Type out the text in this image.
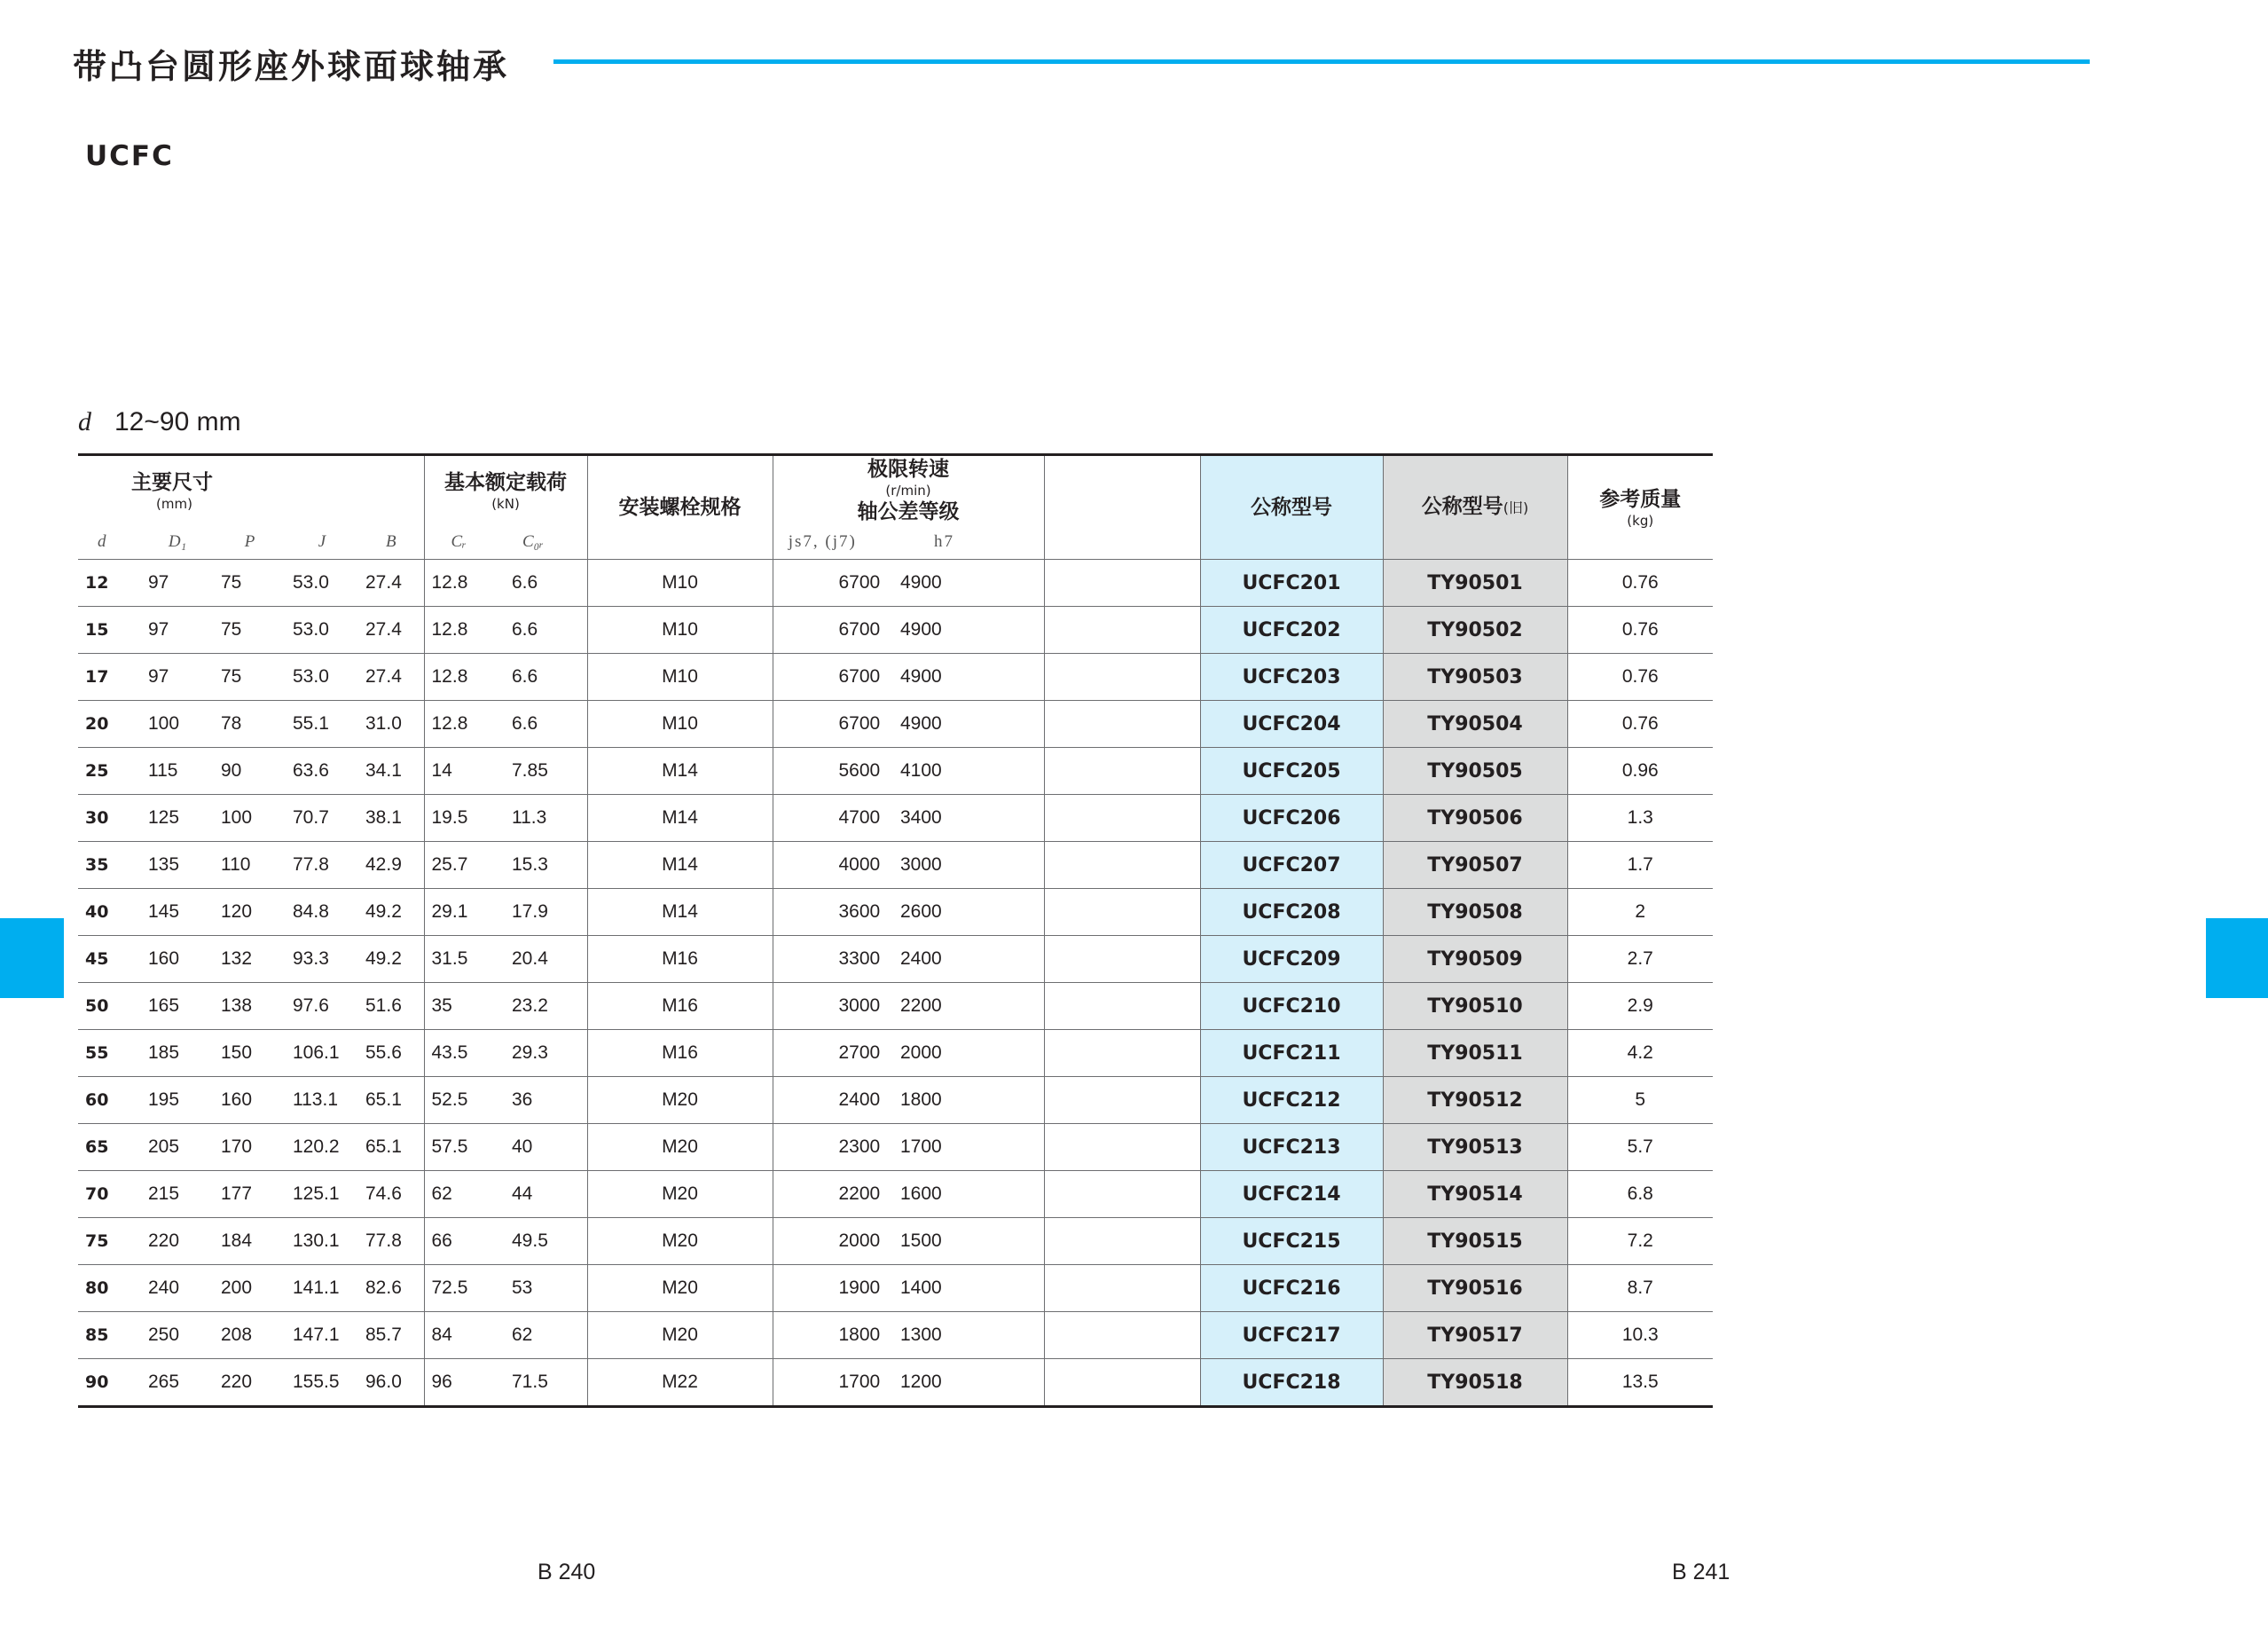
带凸台圆形座外球面球轴承
UCFC
d 12~90 mm
主要尺寸
(mm)					基本额定载荷
(kN)		安装螺栓规格	极限转速
(r/min)
轴公差等级			公称型号	公称型号(旧)	参考质量
(kg)

d	D₁	P	J	B	Cᵣ	C₀ᵣ		js7, (j7)	h7				
12	97	75	53.0	27.4	12.8	6.6	M10	6700	4900		UCFC201	TY90501	0.76
15	97	75	53.0	27.4	12.8	6.6	M10	6700	4900		UCFC202	TY90502	0.76
17	97	75	53.0	27.4	12.8	6.6	M10	6700	4900		UCFC203	TY90503	0.76
20	100	78	55.1	31.0	12.8	6.6	M10	6700	4900		UCFC204	TY90504	0.76
25	115	90	63.6	34.1	14	7.85	M14	5600	4100		UCFC205	TY90505	0.96
30	125	100	70.7	38.1	19.5	11.3	M14	4700	3400		UCFC206	TY90506	1.3
35	135	110	77.8	42.9	25.7	15.3	M14	4000	3000		UCFC207	TY90507	1.7
40	145	120	84.8	49.2	29.1	17.9	M14	3600	2600		UCFC208	TY90508	2
45	160	132	93.3	49.2	31.5	20.4	M16	3300	2400		UCFC209	TY90509	2.7
50	165	138	97.6	51.6	35	23.2	M16	3000	2200		UCFC210	TY90510	2.9
55	185	150	106.1	55.6	43.5	29.3	M16	2700	2000		UCFC211	TY90511	4.2
60	195	160	113.1	65.1	52.5	36	M20	2400	1800		UCFC212	TY90512	5
65	205	170	120.2	65.1	57.5	40	M20	2300	1700		UCFC213	TY90513	5.7
70	215	177	125.1	74.6	62	44	M20	2200	1600		UCFC214	TY90514	6.8
75	220	184	130.1	77.8	66	49.5	M20	2000	1500		UCFC215	TY90515	7.2
80	240	200	141.1	82.6	72.5	53	M20	1900	1400		UCFC216	TY90516	8.7
85	250	208	147.1	85.7	84	62	M20	1800	1300		UCFC217	TY90517	10.3
90	265	220	155.5	96.0	96	71.5	M22	1700	1200		UCFC218	TY90518	13.5
B 240	B 241
